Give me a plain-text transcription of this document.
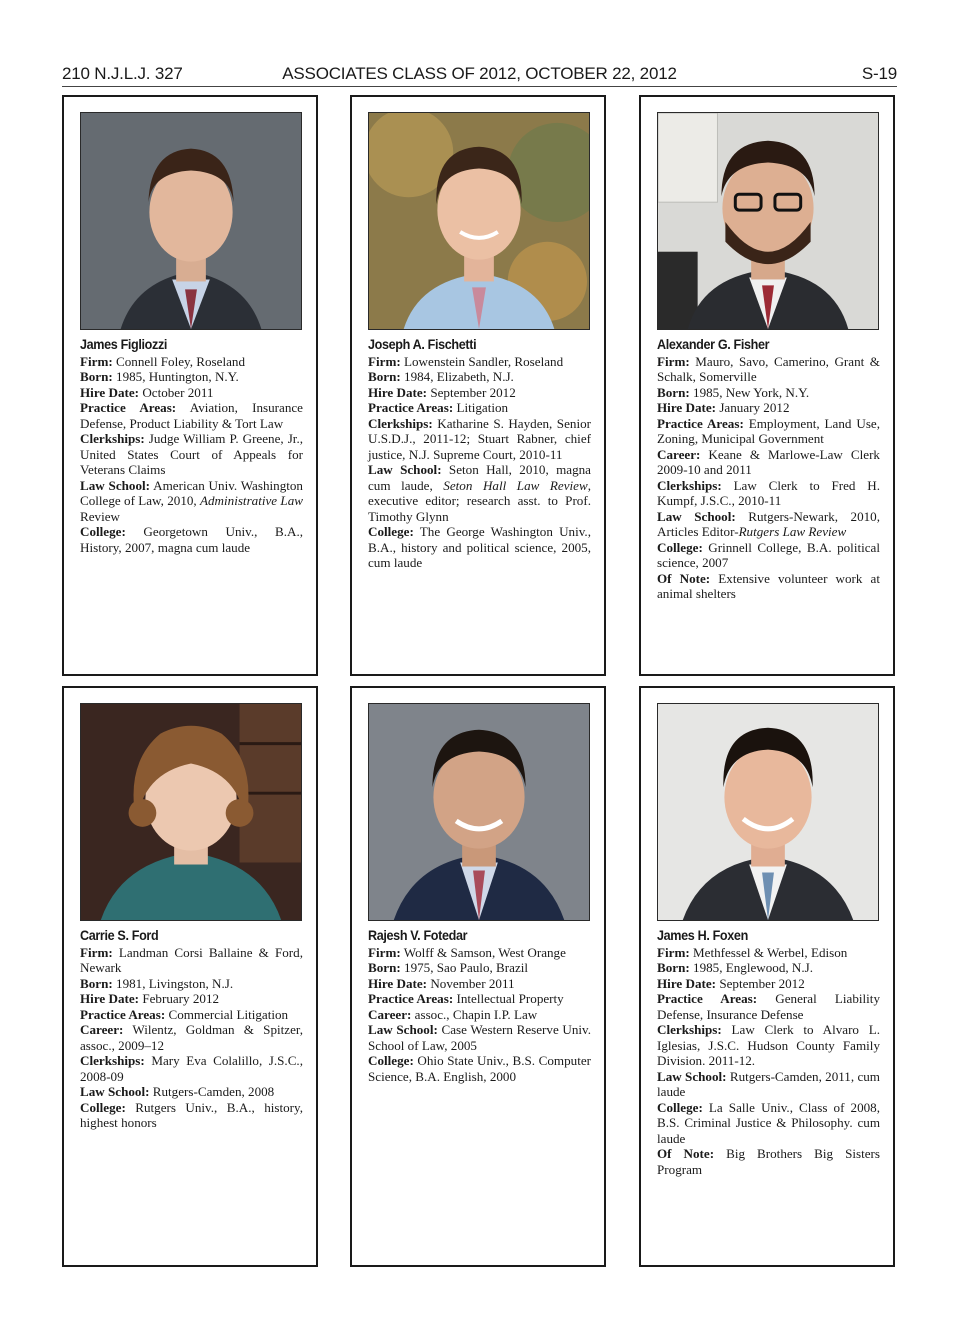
210 N.J.L.J. 327	ASSOCIATES CLASS OF 2012, OCTOBER 22, 2012	S-19
James Figliozzi

Firm: Connell Foley, Roseland

Born: 1985, Huntington, N.Y.

Hire Date: October 2011

Practice Areas: Aviation, Insurance Defense, Product Liability & Tort Law

Clerkships: Judge William P. Greene, Jr., United States Court of Appeals for Veterans Claims

Law School: American Univ. Washington College of Law, 2010, Administrative Law Review

College: Georgetown Univ., B.A., History, 2007, magna cum laude

Joseph A. Fischetti

Firm: Lowenstein Sandler, Roseland

Born: 1984, Elizabeth, N.J.

Hire Date: September 2012

Practice Areas: Litigation

Clerkships: Katharine S. Hayden, Senior U.S.D.J., 2011-12; Stuart Rabner, chief justice, N.J. Supreme Court, 2010-11

Law School: Seton Hall, 2010, magna cum laude, Seton Hall Law Review, executive editor; research asst. to Prof. Timothy Glynn

College: The George Washington Univ., B.A., history and political science, 2005, cum laude

Alexander G. Fisher

Firm: Mauro, Savo, Camerino, Grant & Schalk, Somerville

Born: 1985, New York, N.Y.

Hire Date: January 2012

Practice Areas: Employment, Land Use, Zoning, Municipal Government

Career: Keane & Marlowe-Law Clerk 2009-10 and 2011

Clerkships: Law Clerk to Fred H. Kumpf, J.S.C., 2010-11

Law School: Rutgers-Newark, 2010, Articles Editor-Rutgers Law Review

College: Grinnell College, B.A. political science, 2007

Of Note: Extensive volunteer work at animal shelters

Carrie S. Ford

Firm: Landman Corsi Ballaine & Ford, Newark

Born: 1981, Livingston, N.J.

Hire Date: February 2012

Practice Areas: Commercial Litigation

Career: Wilentz, Goldman & Spitzer, assoc., 2009–12

Clerkships: Mary Eva Colalillo, J.S.C., 2008-09

Law School: Rutgers-Camden, 2008

College: Rutgers Univ., B.A., history, highest honors

Rajesh V. Fotedar

Firm: Wolff & Samson, West Orange

Born: 1975, Sao Paulo, Brazil

Hire Date: November 2011

Practice Areas: Intellectual Property

Career: assoc., Chapin I.P. Law

Law School: Case Western Reserve Univ. School of Law, 2005

College: Ohio State Univ., B.S. Computer Science, B.A. English, 2000

James H. Foxen

Firm: Methfessel & Werbel, Edison

Born: 1985, Englewood, N.J.

Hire Date: September 2012

Practice Areas: General Liability Defense, Insurance Defense

Clerkships: Law Clerk to Alvaro L. Iglesias, J.S.C. Hudson County Family Division. 2011-12.

Law School: Rutgers-Camden, 2011, cum laude

College: La Salle Univ., Class of 2008, B.S. Criminal Justice & Philosophy. cum laude

Of Note: Big Brothers Big Sisters Program
